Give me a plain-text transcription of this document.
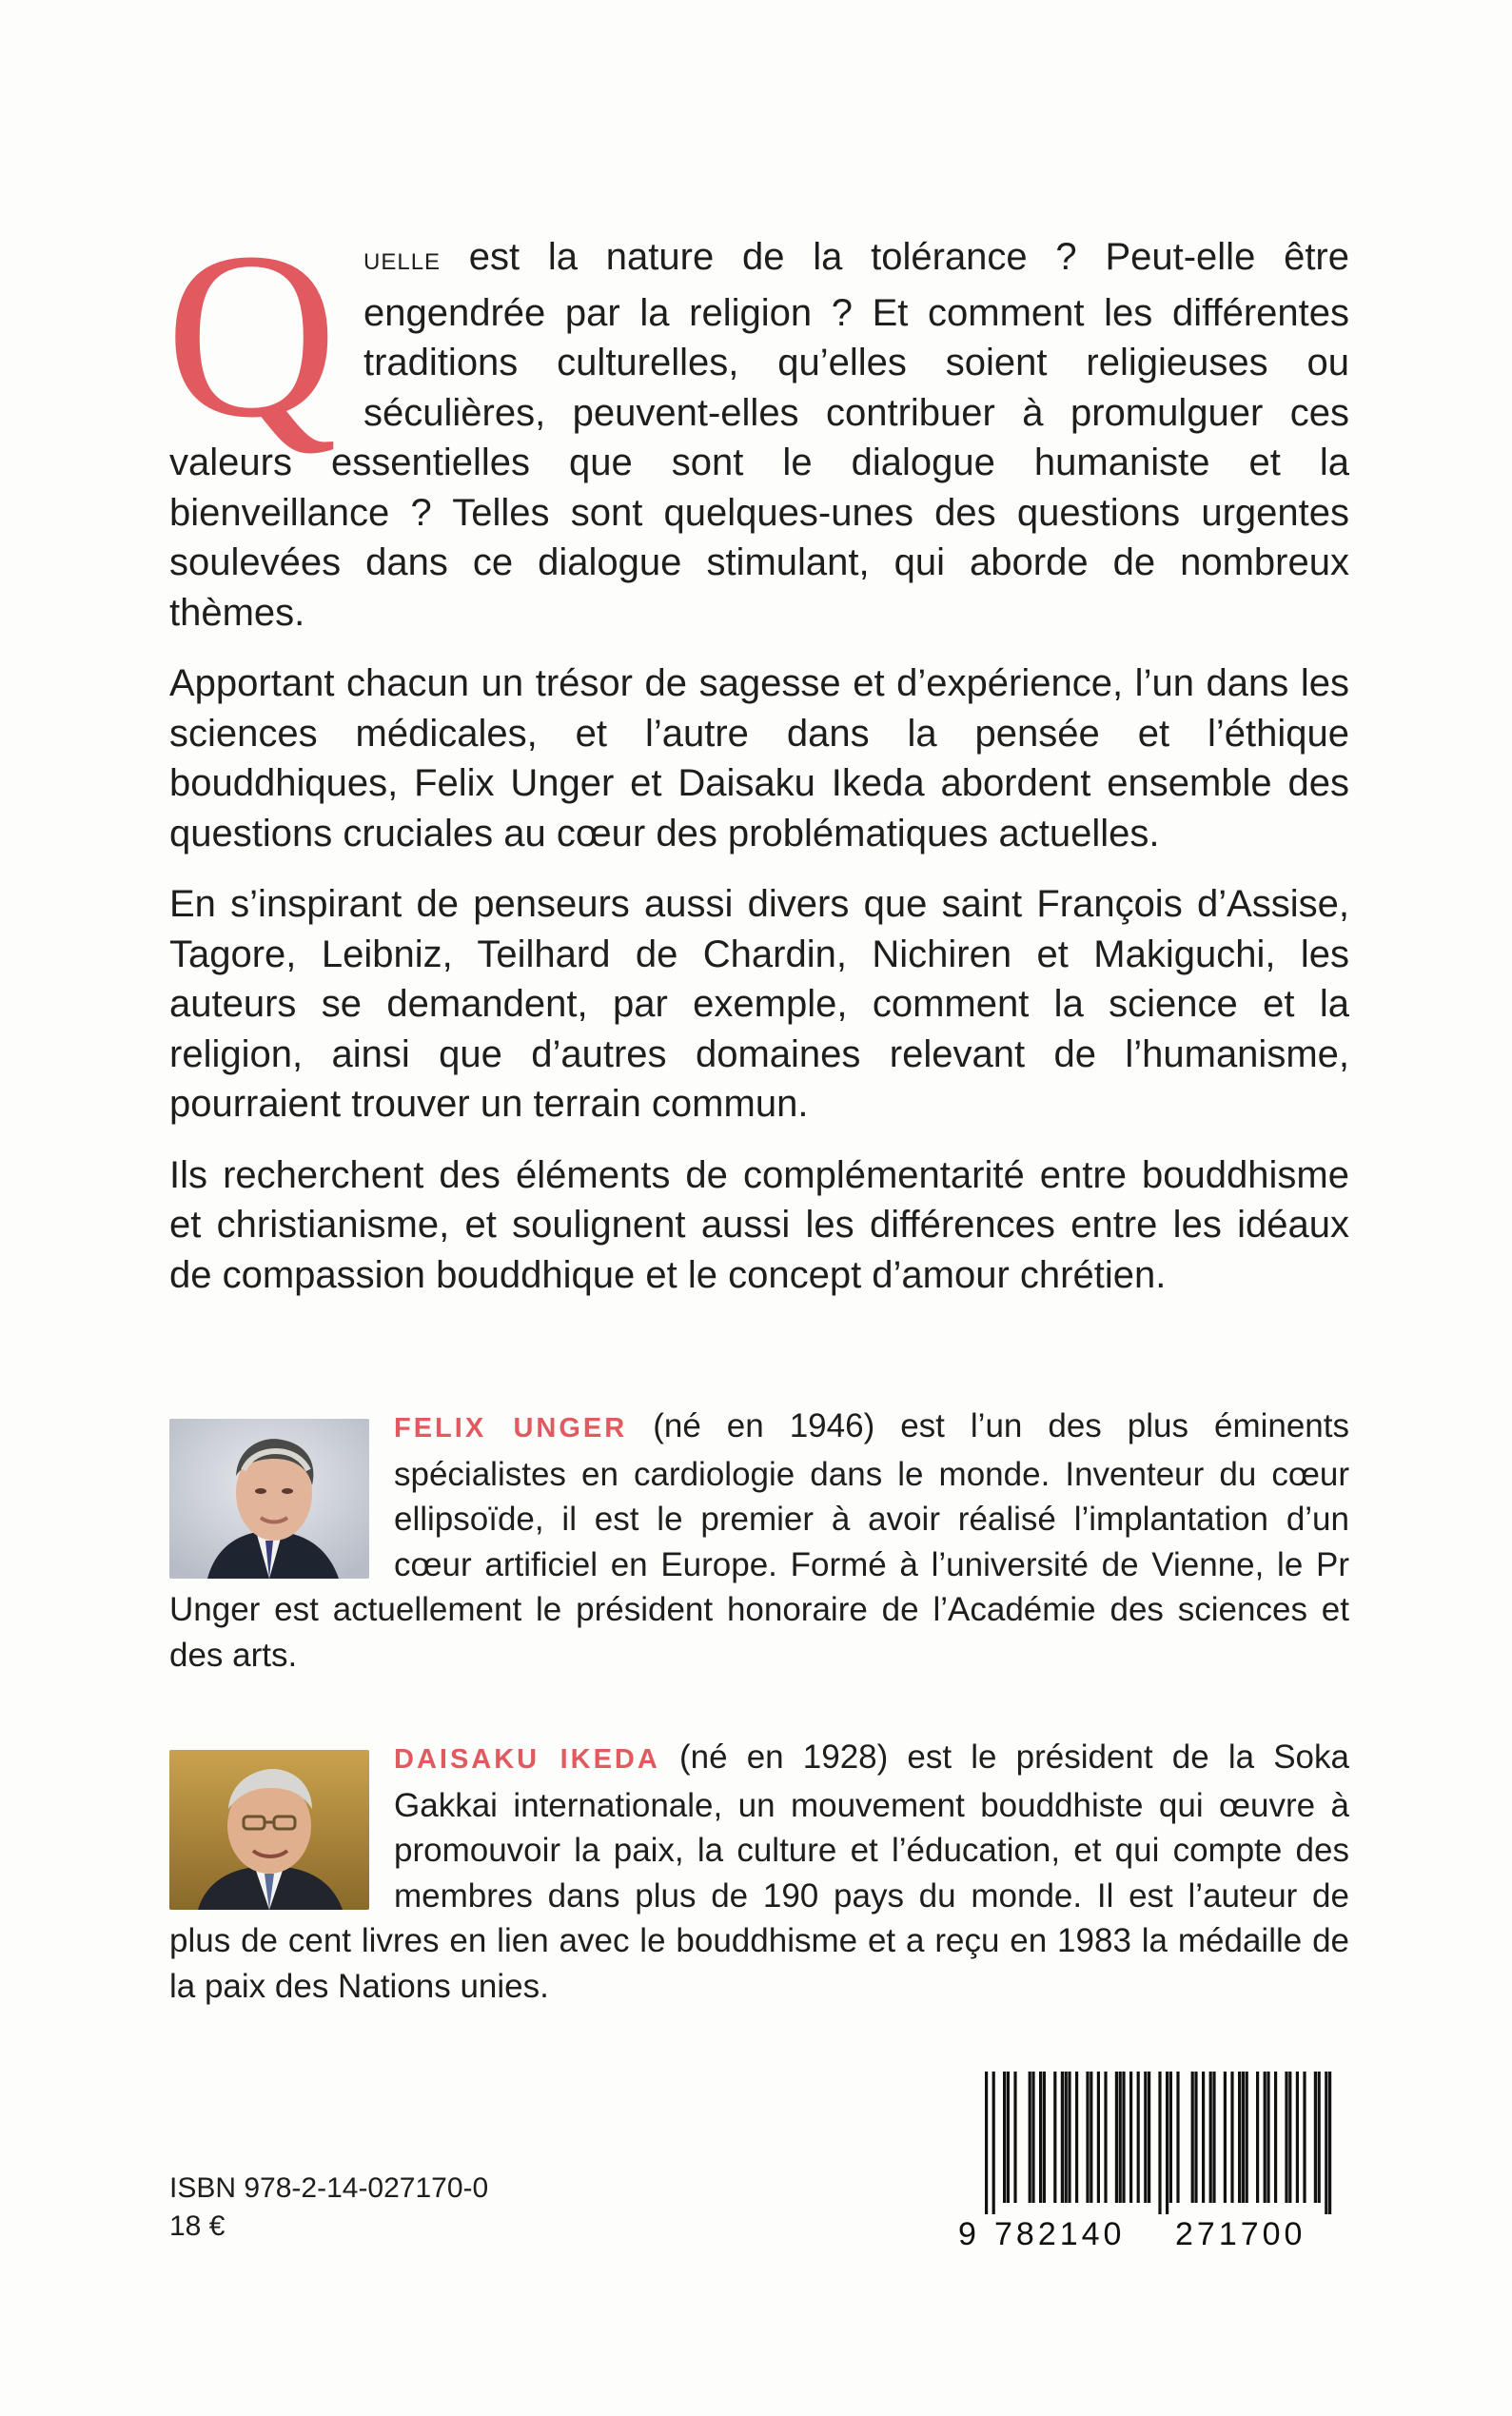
Q UELLE est la nature de la tolérance ? Peut-elle être engendrée par la religion ? Et comment les différentes traditions culturelles, qu’elles soient religieuses ou séculières, peuvent-elles contribuer à promulguer ces valeurs essentielles que sont le dialogue humaniste et la bienveillance ? Telles sont quelques-unes des questions urgentes soulevées dans ce dialogue stimulant, qui aborde de nombreux thèmes.

Apportant chacun un trésor de sagesse et d’expérience, l’un dans les sciences médicales, et l’autre dans la pensée et l’éthique bouddhiques, Felix Unger et Daisaku Ikeda abordent ensemble des questions cruciales au cœur des problématiques actuelles.

En s’inspirant de penseurs aussi divers que saint François d’Assise, Tagore, Leibniz, Teilhard de Chardin, Nichiren et Makiguchi, les auteurs se demandent, par exemple, comment la science et la religion, ainsi que d’autres domaines relevant de l’humanisme, pourraient trouver un terrain commun.

Ils recherchent des éléments de complémentarité entre bouddhisme et christianisme, et soulignent aussi les différences entre les idéaux de compassion bouddhique et le concept d’amour chrétien.

FELIX UNGER (né en 1946) est l’un des plus éminents spécialistes en cardiologie dans le monde. Inventeur du cœur ellipsoïde, il est le premier à avoir réalisé l’implantation d’un cœur artificiel en Europe. Formé à l’université de Vienne, le Pr Unger est actuellement le président honoraire de l’Académie des sciences et des arts.
DAISAKU IKEDA (né en 1928) est le président de la Soka Gakkai internationale, un mouvement bouddhiste qui œuvre à promouvoir la paix, la culture et l’éducation, et qui compte des membres dans plus de 190 pays du monde. Il est l’auteur de plus de cent livres en lien avec le bouddhisme et a reçu en 1983 la médaille de la paix des Nations unies.
ISBN 978-2-14-027170-0
18 €	9 782140 271700
